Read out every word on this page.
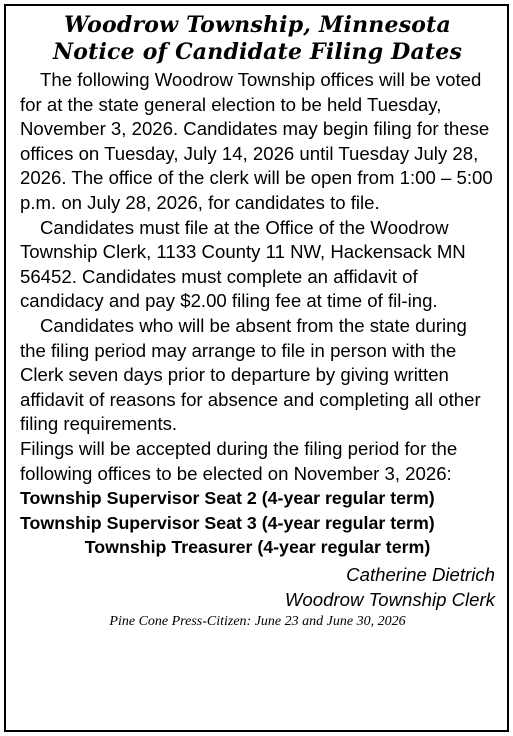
Woodrow Township, Minnesota
Notice of Candidate Filing Dates

The following Woodrow Township offices will be voted for at the state general election to be held Tuesday, November 3, 2026. Candidates may begin filing for these offices on Tuesday, July 14, 2026 until Tuesday July 28, 2026. The office of the clerk will be open from 1:00 – 5:00 p.m. on July 28, 2026, for candidates to file.

Candidates must file at the Office of the Woodrow Township Clerk, 1133 County 11 NW, Hackensack MN 56452. Candidates must complete an affidavit of candidacy and pay $2.00 filing fee at time of fil-ing.

Candidates who will be absent from the state during the filing period may arrange to file in person with the Clerk seven days prior to departure by giving written affidavit of reasons for absence and completing all other filing requirements.

Filings will be accepted during the filing period for the following offices to be elected on November 3, 2026:

Township Supervisor Seat 2 (4-year regular term)
Township Supervisor Seat 3 (4-year regular term)
Township Treasurer (4-year regular term)
Catherine Dietrich
Woodrow Township Clerk
Pine Cone Press-Citizen: June 23 and June 30, 2026
